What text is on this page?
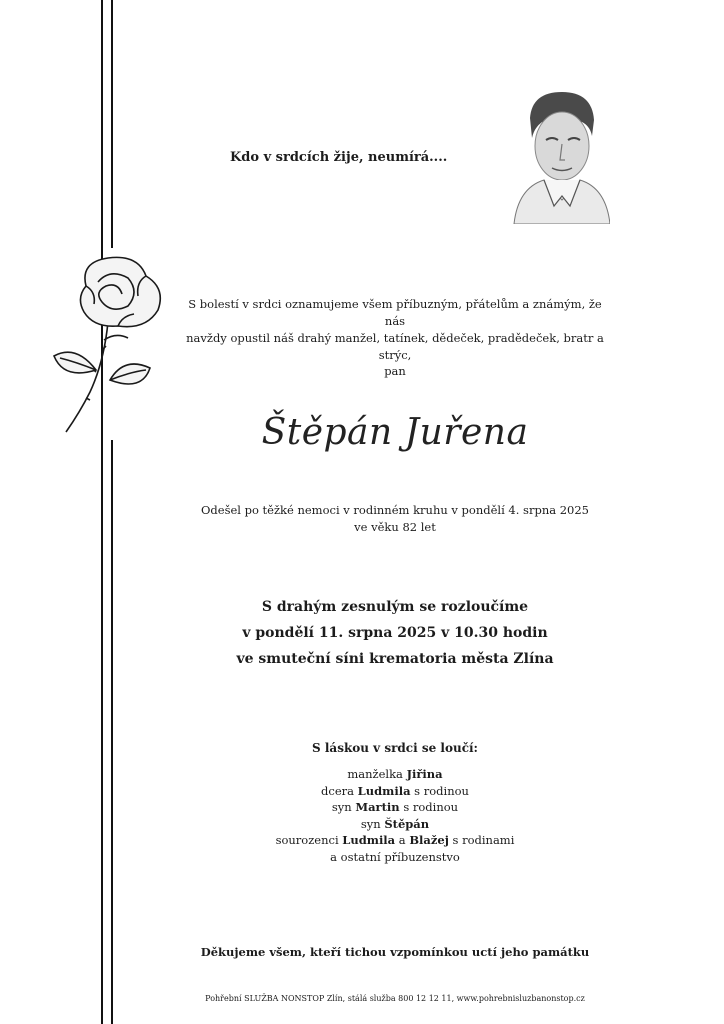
Kdo v srdcích žije, neumírá....
S bolestí v srdci oznamujeme všem příbuzným, přátelům a známým, že nás
navždy opustil náš drahý manžel, tatínek, dědeček, pradědeček, bratr a strýc,
pan
Štěpán Juřena
Odešel po těžké nemoci v rodinném kruhu v pondělí 4. srpna 2025
ve věku 82 let
S drahým zesnulým se rozloučíme
v pondělí 11. srpna 2025 v 10.30 hodin
ve smuteční síni krematoria města Zlína
S láskou v srdci se loučí:
manželka Jiřina
dcera Ludmila s rodinou
syn Martin s rodinou
syn Štěpán
sourozenci Ludmila a Blažej s rodinami
a ostatní příbuzenstvo
Děkujeme všem, kteří tichou vzpomínkou uctí jeho památku
Pohřební SLUŽBA NONSTOP Zlín, stálá služba 800 12 12 11, www.pohrebnisluzbanonstop.cz
